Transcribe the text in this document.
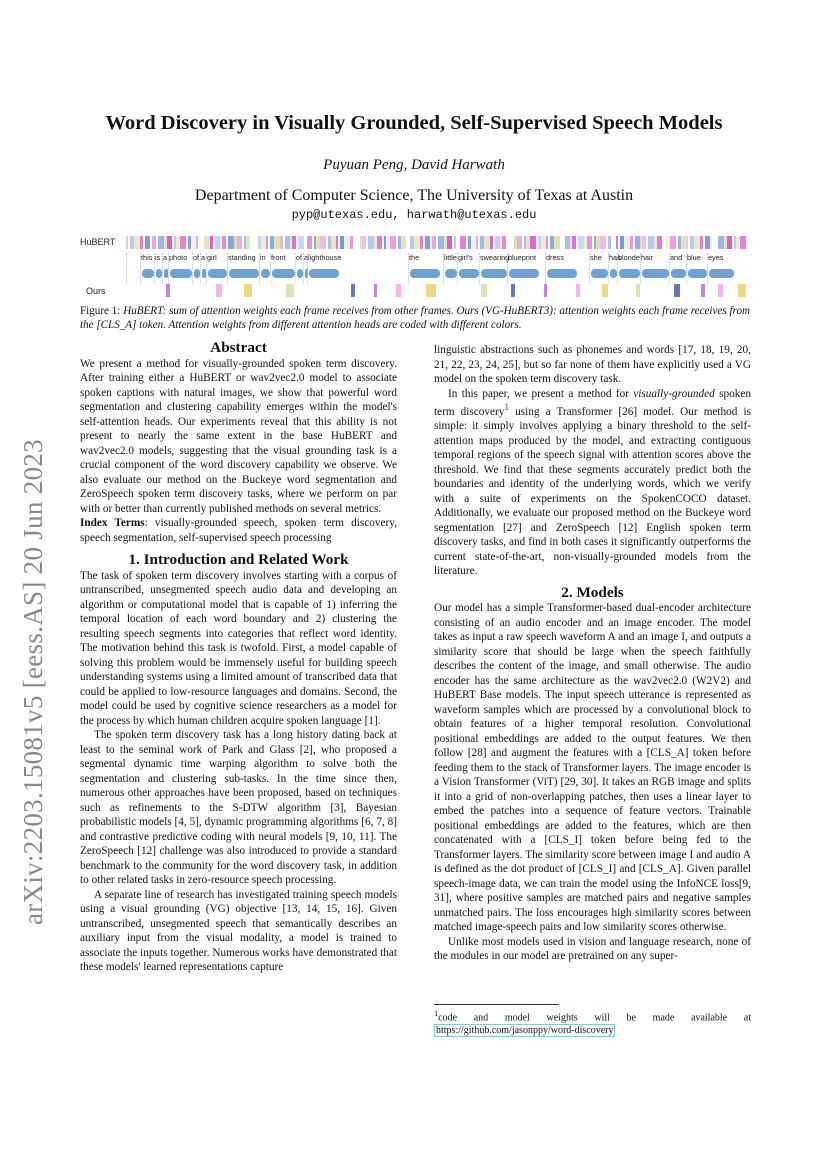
arXiv:2203.15081v5 [eess.AS] 20 Jun 2023
Word Discovery in Visually Grounded, Self-Supervised Speech Models
Puyuan Peng, David Harwath
Department of Computer Science, The University of Texas at Austin
pyp@utexas.edu, harwath@utexas.edu
HuBERT
this is a photo of a girl standing in front of a lighthouse	the	little girl's swearing
blueprint dress	she has
blonde hair and blue eyes
Ours
Figure 1: HuBERT: sum of attention weights each frame receives from other frames. Ours (VG-HuBERT3): attention weights each frame receives from the [CLS_A] token. Attention weights from different attention heads are coded with different colors.
Abstract

We present a method for visually-grounded spoken term discovery. After training either a HuBERT or wav2vec2.0 model to associate spoken captions with natural images, we show that powerful word segmentation and clustering capability emerges within the model's self-attention heads. Our experiments reveal that this ability is not present to nearly the same extent in the base HuBERT and wav2vec2.0 models, suggesting that the visual grounding task is a crucial component of the word discovery capability we observe. We also evaluate our method on the Buckeye word segmentation and ZeroSpeech spoken term discovery tasks, where we perform on par with or better than currently published methods on several metrics.

Index Terms: visually-grounded speech, spoken term discovery, speech segmentation, self-supervised speech processing

1. Introduction and Related Work

The task of spoken term discovery involves starting with a corpus of untranscribed, unsegmented speech audio data and developing an algorithm or computational model that is capable of 1) inferring the temporal location of each word boundary and 2) clustering the resulting speech segments into categories that reflect word identity. The motivation behind this task is twofold. First, a model capable of solving this problem would be immensely useful for building speech understanding systems using a limited amount of transcribed data that could be applied to low-resource languages and domains. Second, the model could be used by cognitive science researchers as a model for the process by which human children acquire spoken language [1].

The spoken term discovery task has a long history dating back at least to the seminal work of Park and Glass [2], who proposed a segmental dynamic time warping algorithm to solve both the segmentation and clustering sub-tasks. In the time since then, numerous other approaches have been proposed, based on techniques such as refinements to the S-DTW algorithm [3], Bayesian probabilistic models [4, 5], dynamic programming algorithms [6, 7, 8] and contrastive predictive coding with neural models [9, 10, 11]. The ZeroSpeech [12] challenge was also introduced to provide a standard benchmark to the community for the word discovery task, in addition to other related tasks in zero-resource speech processing.

A separate line of research has investigated training speech models using a visual grounding (VG) objective [13, 14, 15, 16]. Given untranscribed, unsegmented speech that semantically describes an auxiliary input from the visual modality, a model is trained to associate the inputs together. Numerous works have demonstrated that these models' learned representations capture

linguistic abstractions such as phonemes and words [17, 18, 19, 20, 21, 22, 23, 24, 25], but so far none of them have explicitly used a VG model on the spoken term discovery task.

In this paper, we present a method for visually-grounded spoken term discovery$^1$ using a Transformer [26] model. Our method is simple: it simply involves applying a binary threshold to the self-attention maps produced by the model, and extracting contiguous temporal regions of the speech signal with attention scores above the threshold. We find that these segments accurately predict both the boundaries and identity of the underlying words, which we verify with a suite of experiments on the SpokenCOCO dataset. Additionally, we evaluate our proposed method on the Buckeye word segmentation [27] and ZeroSpeech [12] English spoken term discovery tasks, and find in both cases it significantly outperforms the current state-of-the-art, non-visually-grounded models from the literature.

2. Models

Our model has a simple Transformer-based dual-encoder architecture consisting of an audio encoder and an image encoder. The model takes as input a raw speech waveform A and an image I, and outputs a similarity score that should be large when the speech faithfully describes the content of the image, and small otherwise. The audio encoder has the same architecture as the wav2vec2.0 (W2V2) and HuBERT Base models. The input speech utterance is represented as waveform samples which are processed by a convolutional block to obtain features of a higher temporal resolution. Convolutional positional embeddings are added to the output features. We then follow [28] and augment the features with a [CLS_A] token before feeding them to the stack of Transformer layers. The image encoder is a Vision Transformer (ViT) [29, 30]. It takes an RGB image and splits it into a grid of non-overlapping patches, then uses a linear layer to embed the patches into a sequence of feature vectors. Trainable positional embeddings are added to the features, which are then concatenated with a [CLS_I] token before being fed to the Transformer layers. The similarity score between image I and audio A is defined as the dot product of [CLS_I] and [CLS_A]. Given parallel speech-image data, we can train the model using the InfoNCE loss[9, 31], where positive samples are matched pairs and negative samples unmatched pairs. The loss encourages high similarity scores between matched image-speech pairs and low similarity scores otherwise.

Unlike most models used in vision and language research, none of the modules in our model are pretrained on any super-

$^1$code and model weights will be made available at https://github.com/jasonppy/word-discovery
